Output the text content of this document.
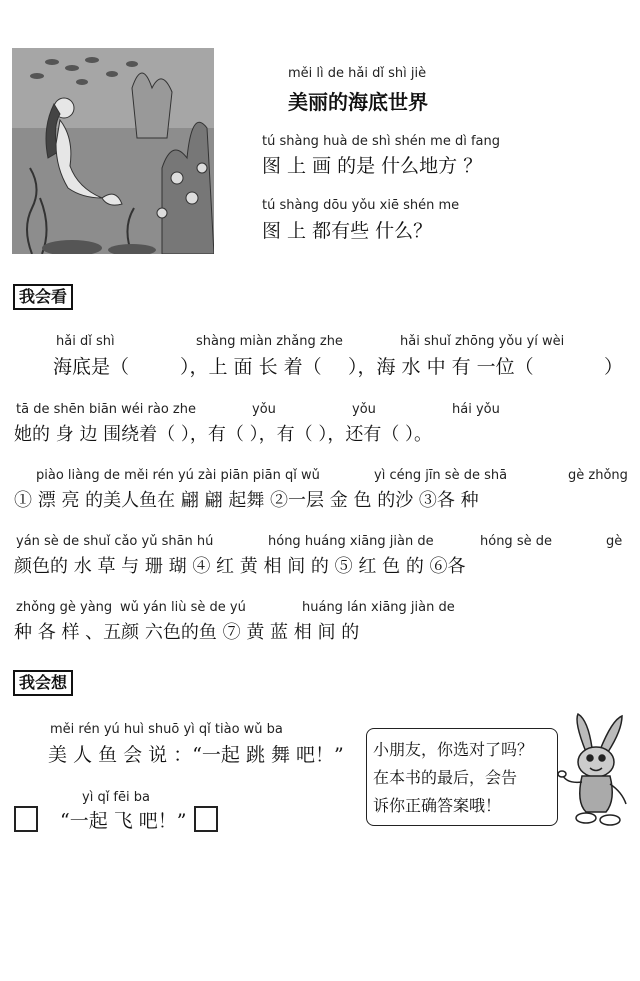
měi lì de hǎi dǐ shì jiè
美丽的海底世界
tú shàng huà de shì shén me dì fang
图 上 画 的是 什么地方 ？
tú shàng dōu yǒu xiē shén me
图 上 都有些 什么？
我会看
hǎi dǐ shì	shàng miàn zhǎng zhe	hǎi shuǐ zhōng yǒu yí wèi
海底是（	），上 面 长 着（ ），海 水 中 有 一位（	）
tā de shēn biān wéi rào zhe	yǒu	yǒu	hái yǒu
她的 身 边 围绕着（ ），有（ ），有（ ），还有（ ）。
piào liàng de měi rén yú zài piān piān qǐ wǔ	yì céng jīn sè de shā	gè zhǒng
① 漂 亮 的美人鱼在 翩 翩 起舞 ②一层 金 色 的沙 ③各 种
yán sè de shuǐ cǎo yǔ shān hú	hóng huáng xiāng jiàn de	hóng sè de	gè
颜色的 水 草 与 珊 瑚 ④ 红 黄 相 间 的 ⑤ 红 色 的 ⑥各
zhǒng gè yàng wǔ yán liù sè de yú	huáng lán xiāng jiàn de
种 各 样 、五颜 六色的鱼 ⑦ 黄 蓝 相 间 的
我会想
měi rén yú huì shuō yì qǐ tiào wǔ ba
美 人 鱼 会 说 ：“一起 跳 舞 吧！”
yì qǐ fēi ba
“一起 飞 吧！”
小朋友，你选对了吗？
在本书的最后，会告
诉你正确答案哦！
